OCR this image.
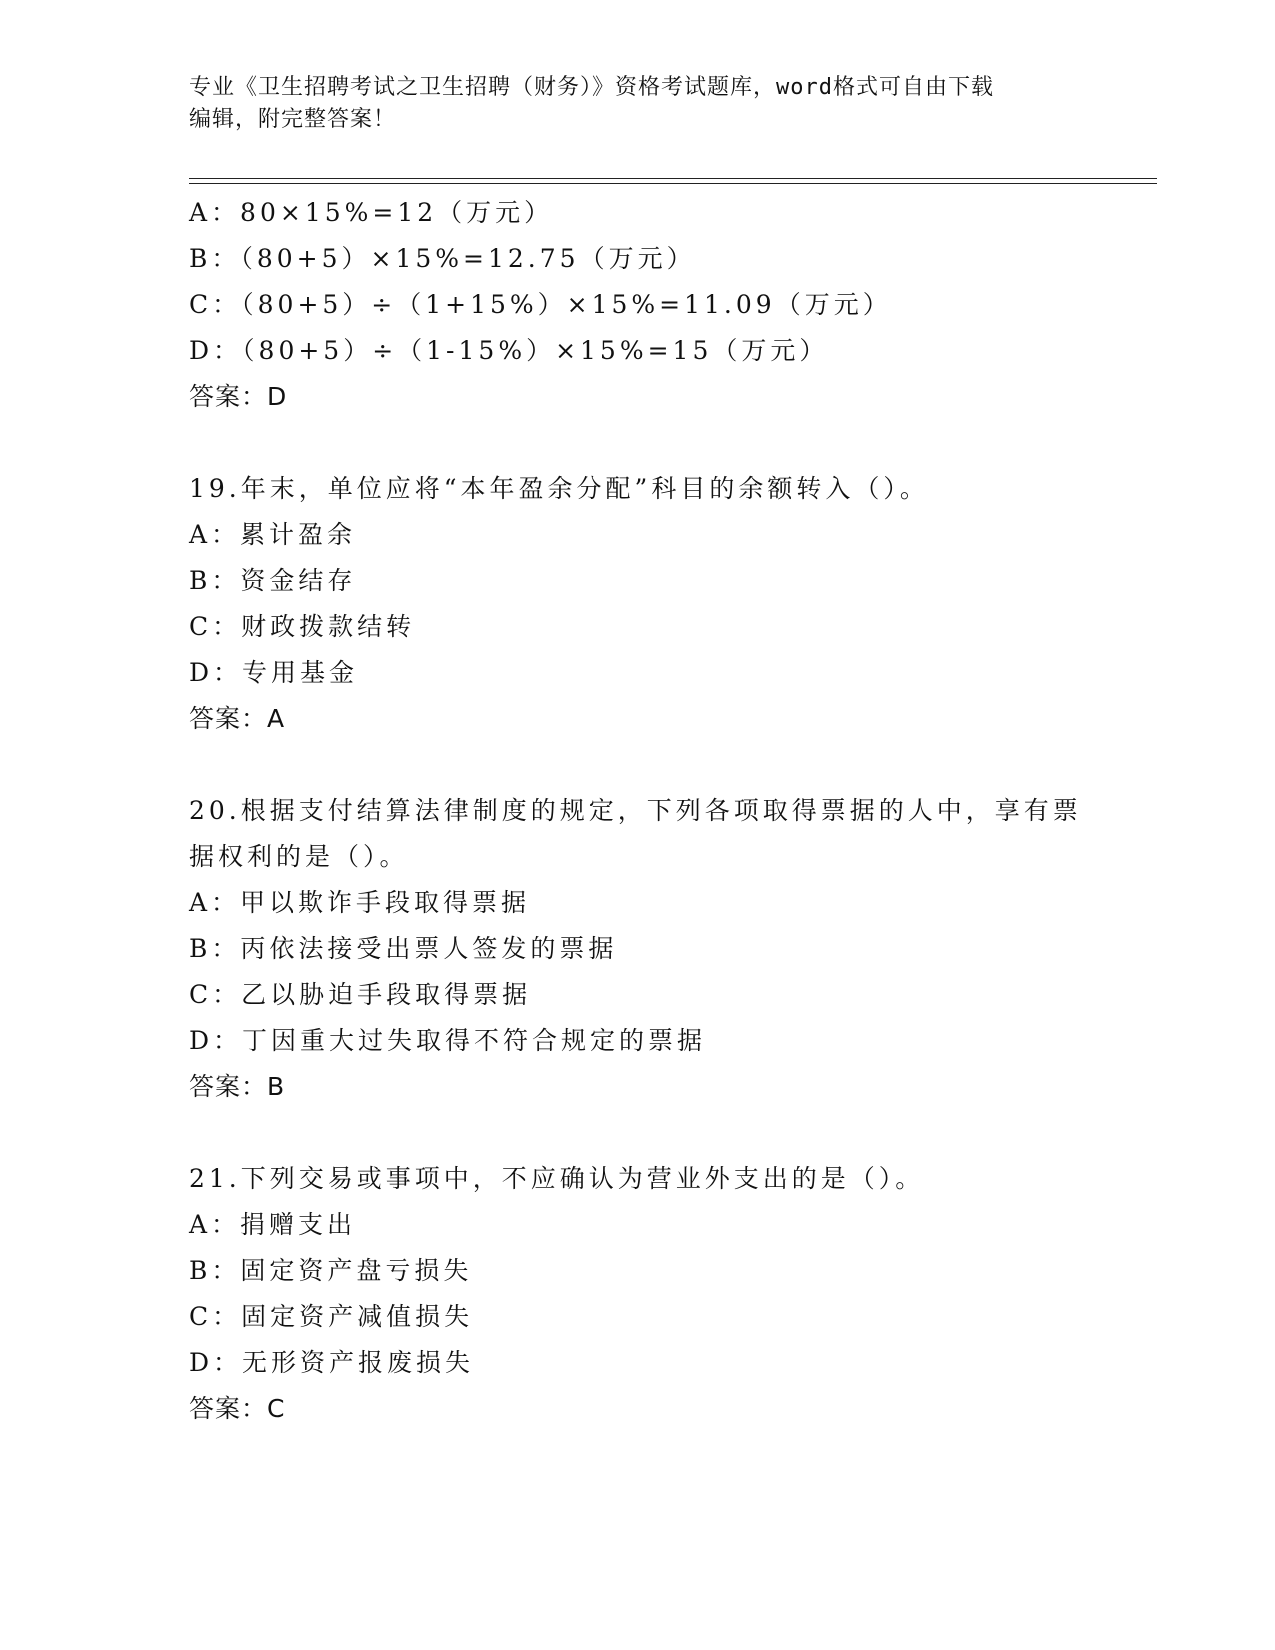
专业《卫生招聘考试之卫生招聘（财务）》资格考试题库，word格式可自由下载
编辑，附完整答案！
A：80×15%=12（万元）
B：（80+5）×15%=12.75（万元）
C：（80+5）÷（1+15%）×15%=11.09（万元）
D：（80+5）÷（1-15%）×15%=15（万元）
答案：D
19.年末，单位应将“本年盈余分配”科目的余额转入（）。
A：累计盈余
B：资金结存
C：财政拨款结转
D：专用基金
答案：A
20.根据支付结算法律制度的规定，下列各项取得票据的人中，享有票
据权利的是（）。
A：甲以欺诈手段取得票据
B：丙依法接受出票人签发的票据
C：乙以胁迫手段取得票据
D：丁因重大过失取得不符合规定的票据
答案：B
21.下列交易或事项中，不应确认为营业外支出的是（）。
A：捐赠支出
B：固定资产盘亏损失
C：固定资产减值损失
D：无形资产报废损失
答案：C
